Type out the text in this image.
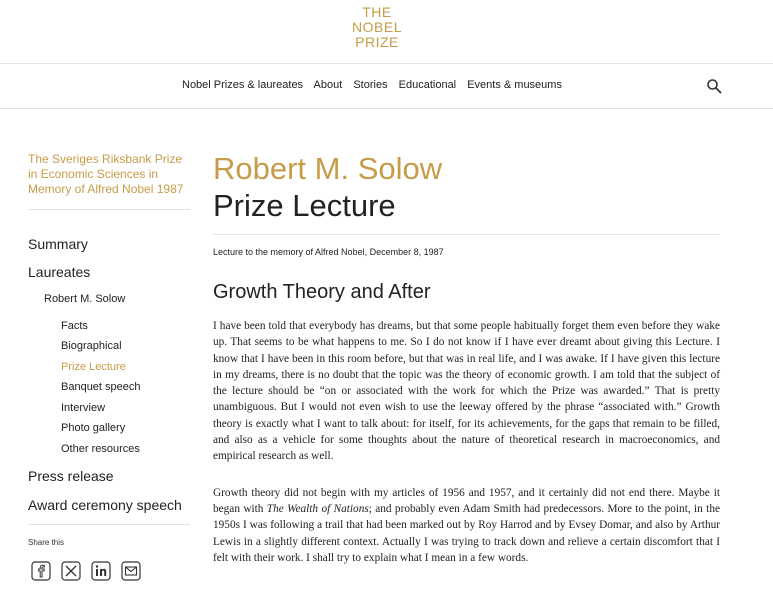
THE
NOBEL
PRIZE
Nobel Prizes & laureates About Stories Educational Events & museums
The Sveriges Riksbank Prize in Economic Sciences in Memory of Alfred Nobel 1987
Summary
Laureates
Robert M. Solow
Facts
Biographical
Prize Lecture
Banquet speech
Interview
Photo gallery
Other resources
Press release
Award ceremony speech
Share this
Robert M. Solow
Prize Lecture
Lecture to the memory of Alfred Nobel, December 8, 1987
Growth Theory and After
I have been told that everybody has dreams, but that some people habitually forget them even before they wake up. That seems to be what happens to me. So I do not know if I have ever dreamt about giving this Lecture. I know that I have been in this room before, but that was in real life, and I was awake. If I have given this lecture in my dreams, there is no doubt that the topic was the theory of economic growth. I am told that the subject of the lecture should be “on or associated with the work for which the Prize was awarded.” That is pretty unambiguous. But I would not even wish to use the leeway offered by the phrase “associated with.” Growth theory is exactly what I want to talk about: for itself, for its achievements, for the gaps that remain to be filled, and also as a vehicle for some thoughts about the nature of theoretical research in macroeconomics, and empirical research as well.
Growth theory did not begin with my articles of 1956 and 1957, and it certainly did not end there. Maybe it began with The Wealth of Nations; and probably even Adam Smith had predecessors. More to the point, in the 1950s I was following a trail that had been marked out by Roy Harrod and by Evsey Domar, and also by Arthur Lewis in a slightly different context. Actually I was trying to track down and relieve a certain discomfort that I felt with their work. I shall try to explain what I mean in a few words.
